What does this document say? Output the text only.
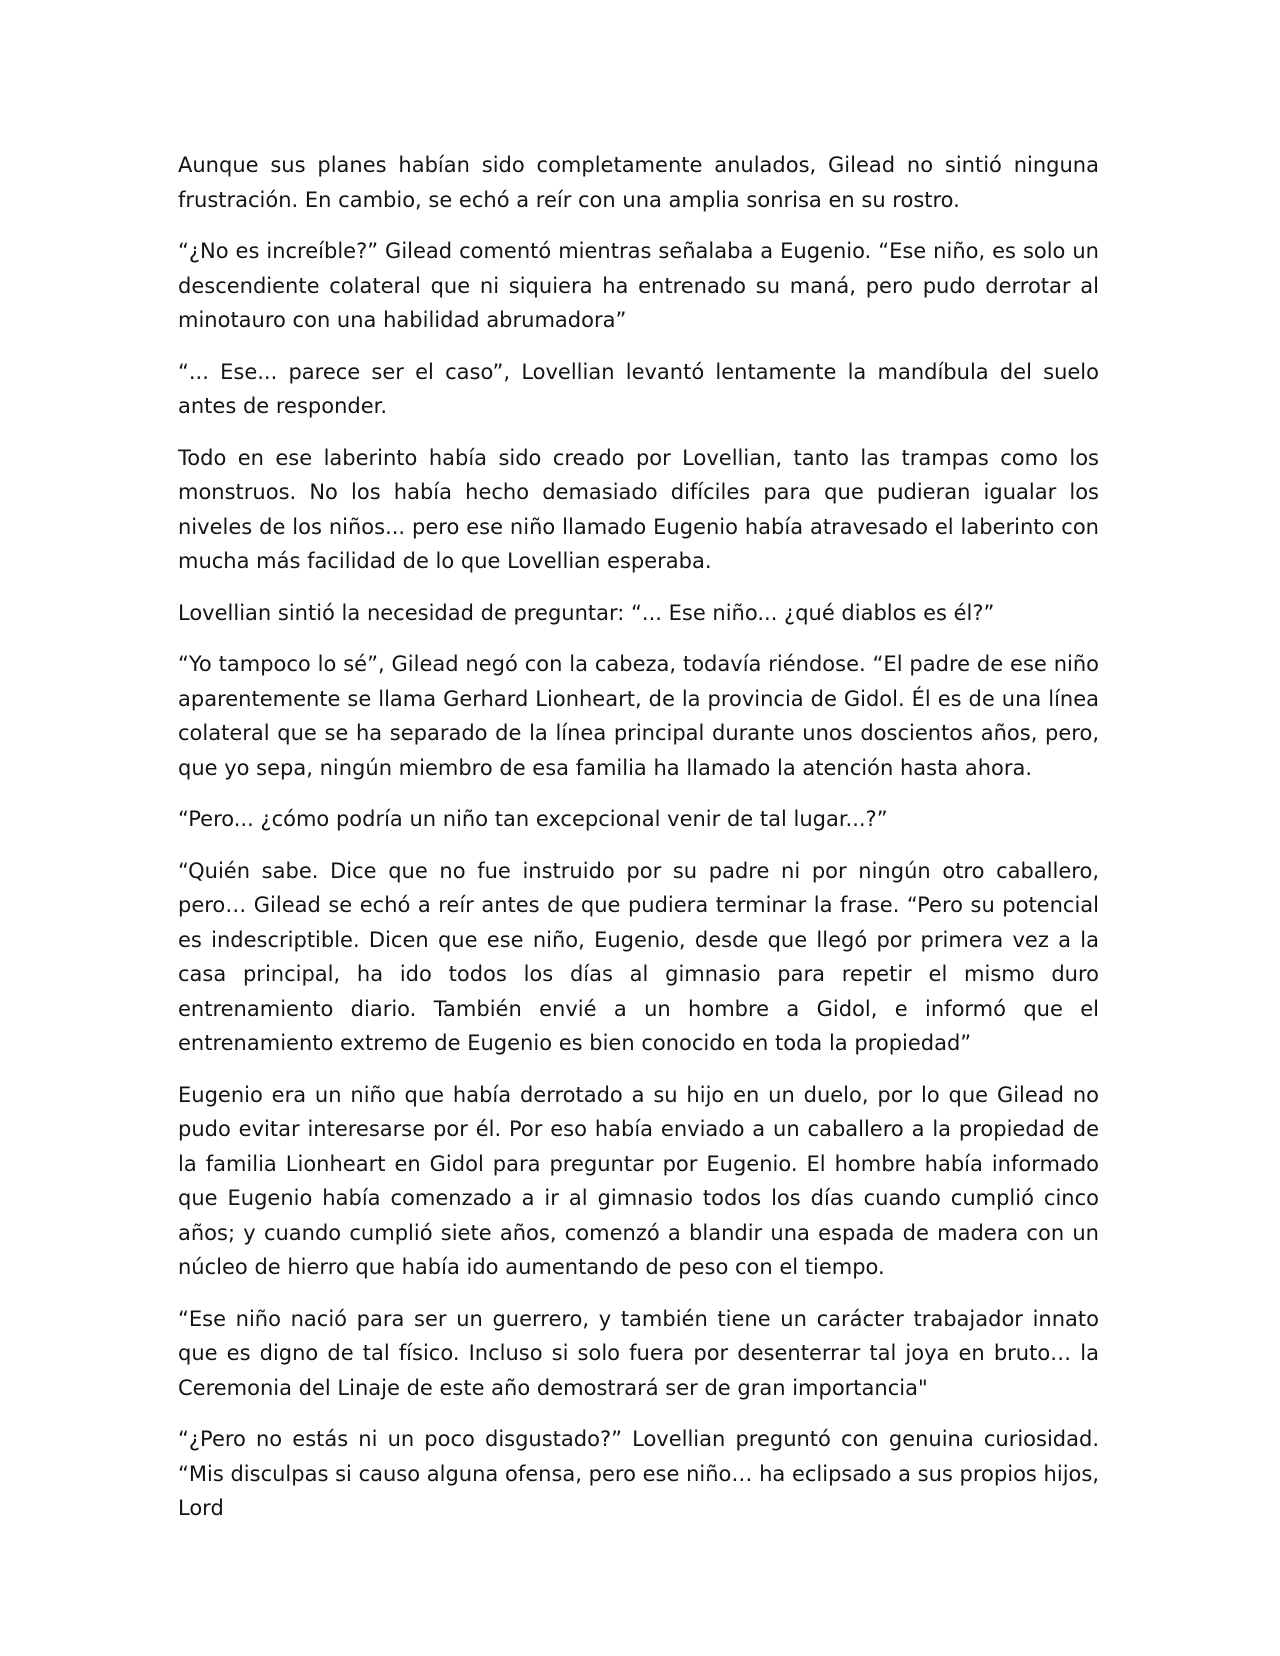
Aunque sus planes habían sido completamente anulados, Gilead no sintió ninguna frustración. En cambio, se echó a reír con una amplia sonrisa en su rostro.

“¿No es increíble?” Gilead comentó mientras señalaba a Eugenio. “Ese niño, es solo un descendiente colateral que ni siquiera ha entrenado su maná, pero pudo derrotar al minotauro con una habilidad abrumadora”

“... Ese... parece ser el caso”, Lovellian levantó lentamente la mandíbula del suelo antes de responder.

Todo en ese laberinto había sido creado por Lovellian, tanto las trampas como los monstruos. No los había hecho demasiado difíciles para que pudieran igualar los niveles de los niños... pero ese niño llamado Eugenio había atravesado el laberinto con mucha más facilidad de lo que Lovellian esperaba.

Lovellian sintió la necesidad de preguntar: “... Ese niño... ¿qué diablos es él?”

“Yo tampoco lo sé”, Gilead negó con la cabeza, todavía riéndose. “El padre de ese niño aparentemente se llama Gerhard Lionheart, de la provincia de Gidol. Él es de una línea colateral que se ha separado de la línea principal durante unos doscientos años, pero, que yo sepa, ningún miembro de esa familia ha llamado la atención hasta ahora.

“Pero... ¿cómo podría un niño tan excepcional venir de tal lugar...?”

“Quién sabe. Dice que no fue instruido por su padre ni por ningún otro caballero, pero… Gilead se echó a reír antes de que pudiera terminar la frase. “Pero su potencial es indescriptible. Dicen que ese niño, Eugenio, desde que llegó por primera vez a la casa principal, ha ido todos los días al gimnasio para repetir el mismo duro entrenamiento diario. También envié a un hombre a Gidol, e informó que el entrenamiento extremo de Eugenio es bien conocido en toda la propiedad”

Eugenio era un niño que había derrotado a su hijo en un duelo, por lo que Gilead no pudo evitar interesarse por él. Por eso había enviado a un caballero a la propiedad de la familia Lionheart en Gidol para preguntar por Eugenio. El hombre había informado que Eugenio había comenzado a ir al gimnasio todos los días cuando cumplió cinco años; y cuando cumplió siete años, comenzó a blandir una espada de madera con un núcleo de hierro que había ido aumentando de peso con el tiempo.

“Ese niño nació para ser un guerrero, y también tiene un carácter trabajador innato que es digno de tal físico. Incluso si solo fuera por desenterrar tal joya en bruto… la Ceremonia del Linaje de este año demostrará ser de gran importancia"

“¿Pero no estás ni un poco disgustado?” Lovellian preguntó con genuina curiosidad. “Mis disculpas si causo alguna ofensa, pero ese niño… ha eclipsado a sus propios hijos, Lord
